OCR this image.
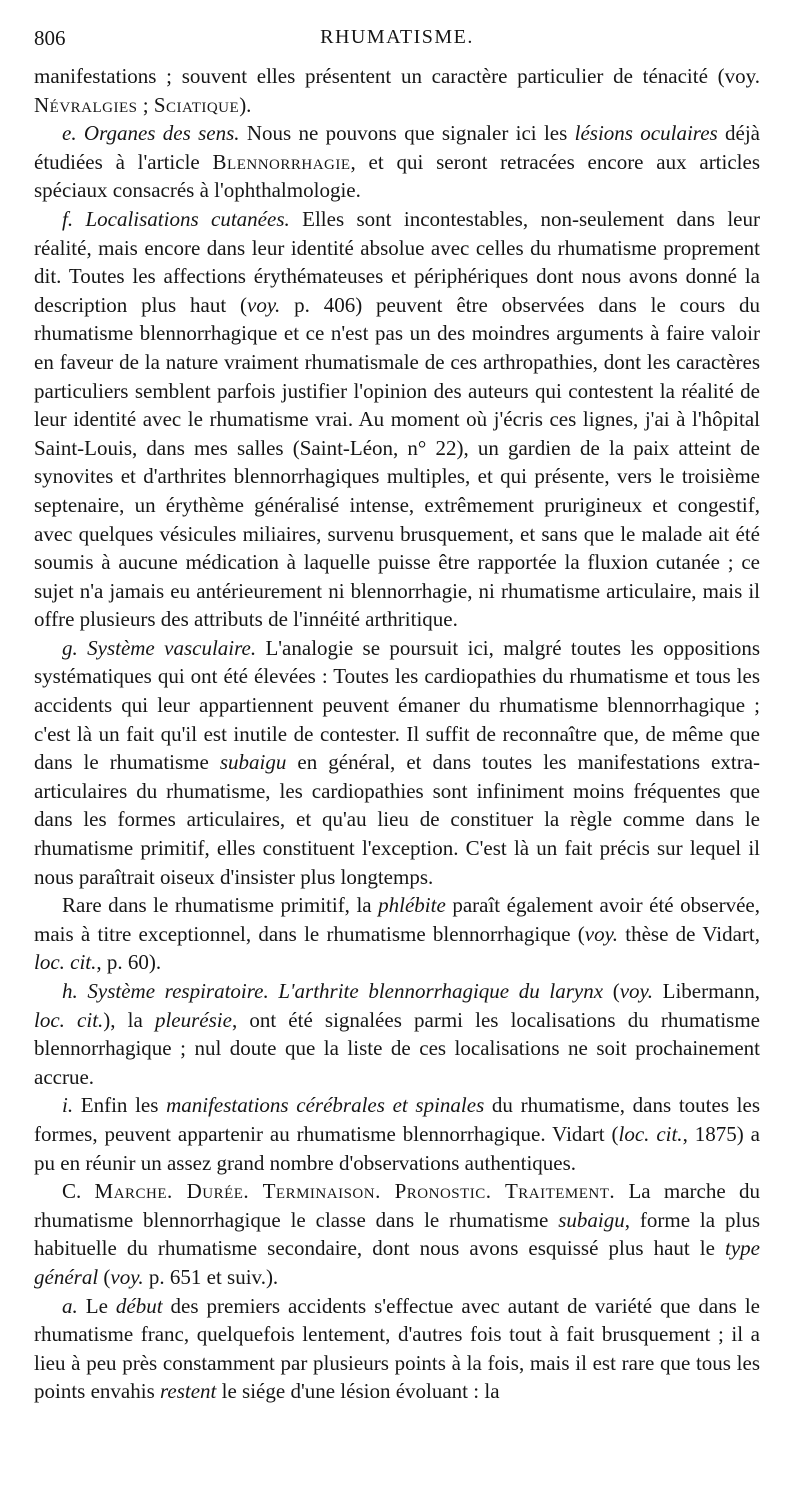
806	RHUMATISME.

manifestations ; souvent elles présentent un caractère particulier de ténacité (voy. Névralgies ; Sciatique).

e. Organes des sens. Nous ne pouvons que signaler ici les lésions oculaires déjà étudiées à l'article Blennorrhagie, et qui seront retracées encore aux articles spéciaux consacrés à l'ophthalmologie.

f. Localisations cutanées. Elles sont incontestables, non-seulement dans leur réalité, mais encore dans leur identité absolue avec celles du rhumatisme proprement dit. Toutes les affections érythémateuses et périphériques dont nous avons donné la description plus haut (voy. p. 406) peuvent être observées dans le cours du rhumatisme blennorrhagique et ce n'est pas un des moindres arguments à faire valoir en faveur de la nature vraiment rhumatismale de ces arthropathies, dont les caractères particuliers semblent parfois justifier l'opinion des auteurs qui contestent la réalité de leur identité avec le rhumatisme vrai. Au moment où j'écris ces lignes, j'ai à l'hôpital Saint-Louis, dans mes salles (Saint-Léon, n° 22), un gardien de la paix atteint de synovites et d'arthrites blennorrhagiques multiples, et qui présente, vers le troisième septenaire, un érythème généralisé intense, extrêmement prurigineux et congestif, avec quelques vésicules miliaires, survenu brusquement, et sans que le malade ait été soumis à aucune médication à laquelle puisse être rapportée la fluxion cutanée ; ce sujet n'a jamais eu antérieurement ni blennorrhagie, ni rhumatisme articulaire, mais il offre plusieurs des attributs de l'innéité arthritique.

g. Système vasculaire. L'analogie se poursuit ici, malgré toutes les oppositions systématiques qui ont été élevées : Toutes les cardiopathies du rhumatisme et tous les accidents qui leur appartiennent peuvent émaner du rhumatisme blennorrhagique ; c'est là un fait qu'il est inutile de contester. Il suffit de reconnaître que, de même que dans le rhumatisme subaigu en général, et dans toutes les manifestations extra-articulaires du rhumatisme, les cardiopathies sont infiniment moins fréquentes que dans les formes articulaires, et qu'au lieu de constituer la règle comme dans le rhumatisme primitif, elles constituent l'exception. C'est là un fait précis sur lequel il nous paraîtrait oiseux d'insister plus longtemps.

Rare dans le rhumatisme primitif, la phlébite paraît également avoir été observée, mais à titre exceptionnel, dans le rhumatisme blennorrhagique (voy. thèse de Vidart, loc. cit., p. 60).

h. Système respiratoire. L'arthrite blennorrhagique du larynx (voy. Libermann, loc. cit.), la pleurésie, ont été signalées parmi les localisations du rhumatisme blennorrhagique ; nul doute que la liste de ces localisations ne soit prochainement accrue.

i. Enfin les manifestations cérébrales et spinales du rhumatisme, dans toutes les formes, peuvent appartenir au rhumatisme blennorrhagique. Vidart (loc. cit., 1875) a pu en réunir un assez grand nombre d'observations authentiques.

C. Marche. Durée. Terminaison. Pronostic. Traitement. La marche du rhumatisme blennorrhagique le classe dans le rhumatisme subaigu, forme la plus habituelle du rhumatisme secondaire, dont nous avons esquissé plus haut le type général (voy. p. 651 et suiv.).

a. Le début des premiers accidents s'effectue avec autant de variété que dans le rhumatisme franc, quelquefois lentement, d'autres fois tout à fait brusquement ; il a lieu à peu près constamment par plusieurs points à la fois, mais il est rare que tous les points envahis restent le siége d'une lésion évoluant : la
